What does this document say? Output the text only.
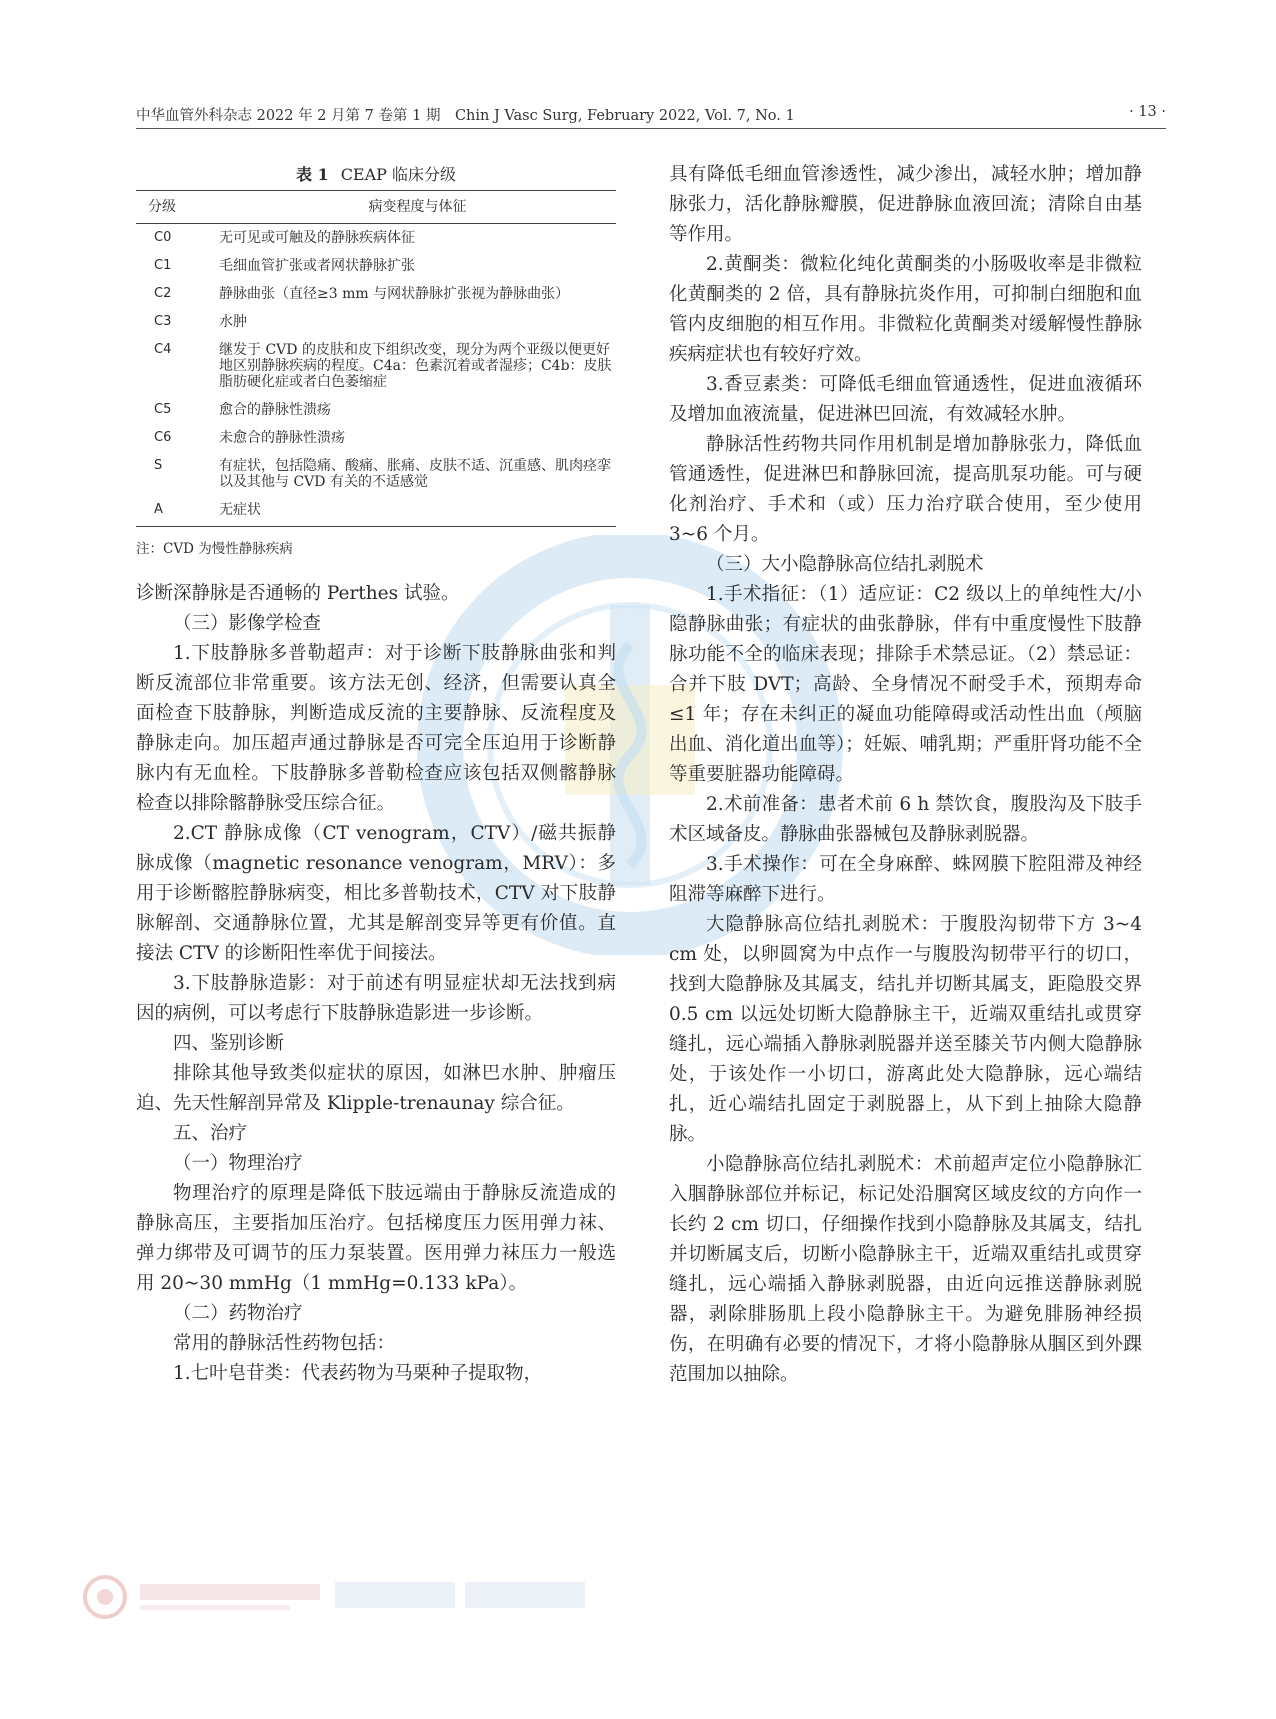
中华血管外科杂志 2022 年 2 月第 7 卷第 1 期　Chin J Vasc Surg, February 2022, Vol. 7, No. 1	· 13 ·
表 1 CEAP 临床分级
分级	病变程度与体征
C0	无可见或可触及的静脉疾病体征
C1	毛细血管扩张或者网状静脉扩张
C2	静脉曲张（直径≥3 mm 与网状静脉扩张视为静脉曲张）
C3	水肿
C4	继发于 CVD 的皮肤和皮下组织改变，现分为两个亚级以便更好地区别静脉疾病的程度。C4a：色素沉着或者湿疹；C4b：皮肤脂肪硬化症或者白色萎缩症
C5	愈合的静脉性溃疡
C6	未愈合的静脉性溃疡
S	有症状，包括隐痛、酸痛、胀痛、皮肤不适、沉重感、肌肉痉挛以及其他与 CVD 有关的不适感觉
A	无症状
注：CVD 为慢性静脉疾病

诊断深静脉是否通畅的 Perthes 试验。

（三）影像学检查

1.下肢静脉多普勒超声：对于诊断下肢静脉曲张和判断反流部位非常重要。该方法无创、经济，但需要认真全面检查下肢静脉，判断造成反流的主要静脉、反流程度及静脉走向。加压超声通过静脉是否可完全压迫用于诊断静脉内有无血栓。下肢静脉多普勒检查应该包括双侧髂静脉检查以排除髂静脉受压综合征。

2.CT 静脉成像（CT venogram，CTV）/磁共振静脉成像（magnetic resonance venogram，MRV）：多用于诊断髂腔静脉病变，相比多普勒技术，CTV 对下肢静脉解剖、交通静脉位置，尤其是解剖变异等更有价值。直接法 CTV 的诊断阳性率优于间接法。

3.下肢静脉造影：对于前述有明显症状却无法找到病因的病例，可以考虑行下肢静脉造影进一步诊断。

四、鉴别诊断

排除其他导致类似症状的原因，如淋巴水肿、肿瘤压迫、先天性解剖异常及 Klipple-trenaunay 综合征。

五、治疗

（一）物理治疗

物理治疗的原理是降低下肢远端由于静脉反流造成的静脉高压，主要指加压治疗。包括梯度压力医用弹力袜、弹力绑带及可调节的压力泵装置。医用弹力袜压力一般选用 20~30 mmHg（1 mmHg=0.133 kPa）。

（二）药物治疗

常用的静脉活性药物包括：

1.七叶皂苷类：代表药物为马栗种子提取物，

具有降低毛细血管渗透性，减少渗出，减轻水肿；增加静脉张力，活化静脉瓣膜，促进静脉血液回流；清除自由基等作用。

2.黄酮类：微粒化纯化黄酮类的小肠吸收率是非微粒化黄酮类的 2 倍，具有静脉抗炎作用，可抑制白细胞和血管内皮细胞的相互作用。非微粒化黄酮类对缓解慢性静脉疾病症状也有较好疗效。

3.香豆素类：可降低毛细血管通透性，促进血液循环及增加血液流量，促进淋巴回流，有效减轻水肿。

静脉活性药物共同作用机制是增加静脉张力，降低血管通透性，促进淋巴和静脉回流，提高肌泵功能。可与硬化剂治疗、手术和（或）压力治疗联合使用，至少使用 3~6 个月。

（三）大小隐静脉高位结扎剥脱术

1.手术指征：（1）适应证：C2 级以上的单纯性大/小隐静脉曲张；有症状的曲张静脉，伴有中重度慢性下肢静脉功能不全的临床表现；排除手术禁忌证。（2）禁忌证：合并下肢 DVT；高龄、全身情况不耐受手术，预期寿命≤1 年；存在未纠正的凝血功能障碍或活动性出血（颅脑出血、消化道出血等）；妊娠、哺乳期；严重肝肾功能不全等重要脏器功能障碍。

2.术前准备：患者术前 6 h 禁饮食，腹股沟及下肢手术区域备皮。静脉曲张器械包及静脉剥脱器。

3.手术操作：可在全身麻醉、蛛网膜下腔阻滞及神经阻滞等麻醉下进行。

大隐静脉高位结扎剥脱术：于腹股沟韧带下方 3~4 cm 处，以卵圆窝为中点作一与腹股沟韧带平行的切口，找到大隐静脉及其属支，结扎并切断其属支，距隐股交界 0.5 cm 以远处切断大隐静脉主干，近端双重结扎或贯穿缝扎，远心端插入静脉剥脱器并送至膝关节内侧大隐静脉处，于该处作一小切口，游离此处大隐静脉，远心端结扎，近心端结扎固定于剥脱器上，从下到上抽除大隐静脉。

小隐静脉高位结扎剥脱术：术前超声定位小隐静脉汇入腘静脉部位并标记，标记处沿腘窝区域皮纹的方向作一长约 2 cm 切口，仔细操作找到小隐静脉及其属支，结扎并切断属支后，切断小隐静脉主干，近端双重结扎或贯穿缝扎，远心端插入静脉剥脱器，由近向远推送静脉剥脱器，剥除腓肠肌上段小隐静脉主干。为避免腓肠神经损伤，在明确有必要的情况下，才将小隐静脉从腘区到外踝范围加以抽除。
